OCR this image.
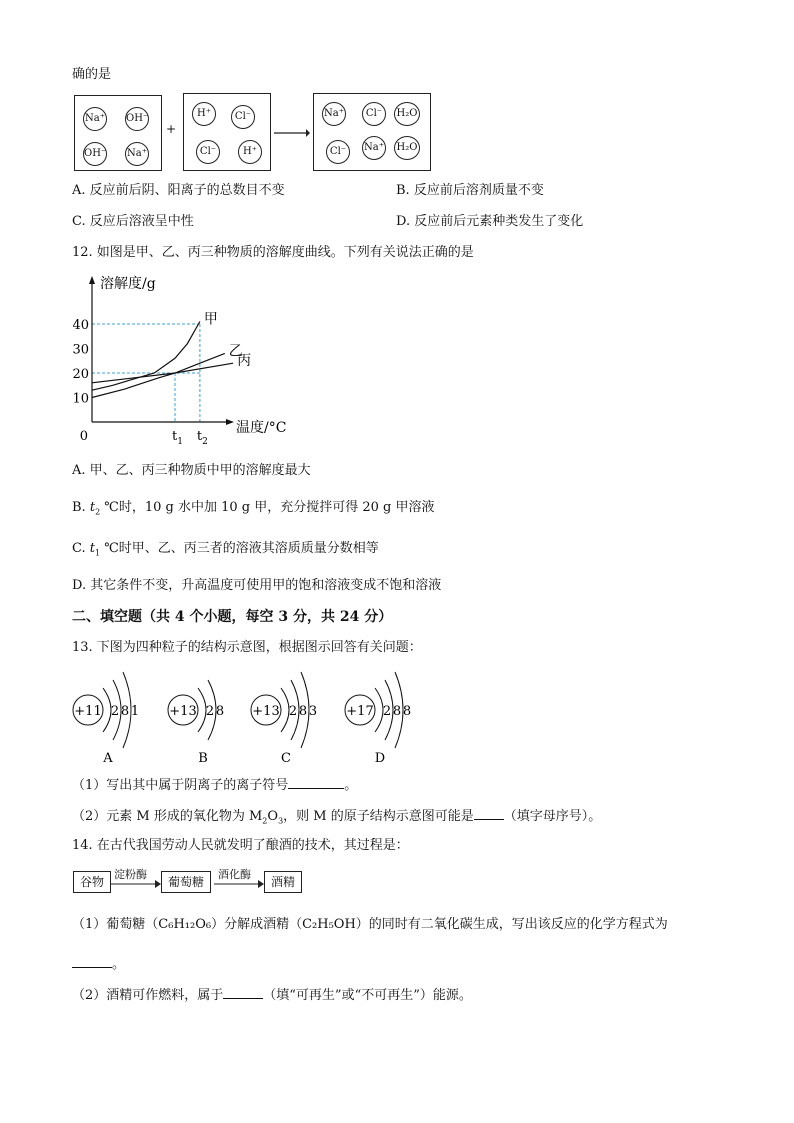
确的是
Na⁺ OH⁻
OH⁻ Na⁺
+
H⁺	Cl⁻
Cl⁻	H⁺
Na⁺	Cl⁻	H₂O
Cl⁻	Na⁺ H₂O
A. 反应前后阴、阳离子的总数目不变	B. 反应前后溶剂质量不变
C. 反应后溶液呈中性	D. 反应前后元素种类发生了变化
12. 如图是甲、乙、丙三种物质的溶解度曲线。下列有关说法正确的是
甲
乙
丙
溶解度/g
温度/°C
0
10
20
30
40
$t_1$ $t_2$
A. 甲、乙、丙三种物质中甲的溶解度最大
B. $t_2$ ℃时，10 g 水中加 10 g 甲，充分搅拌可得 20 g 甲溶液
C. $t_1$ ℃时甲、乙、丙三者的溶液其溶质质量分数相等
D. 其它条件不变，升高温度可使用甲的饱和溶液变成不饱和溶液
二、填空题（共 4 个小题，每空 3 分，共 24 分）
13. 下图为四种粒子的结构示意图，根据图示回答有关问题：
+11 2 8 1
A
+13 2 8
B
+13 2 8 3
C
+17 2 8 8
D
（1）写出其中属于阴离子的离子符号	。
（2）元素 M 形成的氧化物为 $M_2O_3$，则 M 的原子结构示意图可能是 （填字母序号）。
14. 在古代我国劳动人民就发明了酿酒的技术，其过程是：
谷物
淀粉酶
葡萄糖
酒化酶
酒精
（1）葡萄糖（C₆H₁₂O₆）分解成酒精（C₂H₅OH）的同时有二氧化碳生成，写出该反应的化学方程式为
。
（2）酒精可作燃料，属于	（填“可再生”或“不可再生”）能源。
